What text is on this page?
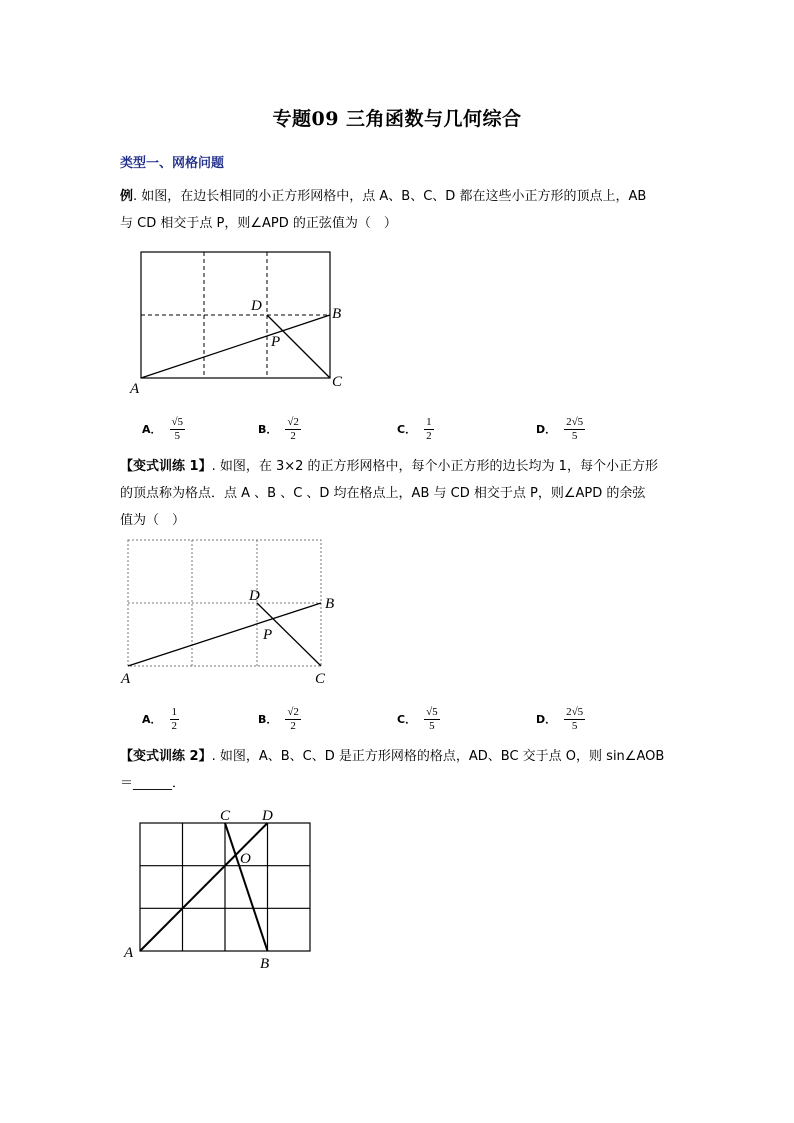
专题09 三角函数与几何综合
类型一、网格问题
例. 如图，在边长相同的小正方形网格中，点 A、B、C、D 都在这些小正方形的顶点上，AB
与 CD 相交于点 P，则∠APD 的正弦值为（　）
A
B
C
D
P
A． $\frac{√5}{5}$	B． $\frac{√2}{2}$	C． $\frac{1}{2}$	D． $\frac{2√5}{5}$
【变式训练 1】. 如图，在 3×2 的正方形网格中，每个小正方形的边长均为 1，每个小正方形
的顶点称为格点．点 A 、B 、C 、D 均在格点上，AB 与 CD 相交于点 P，则∠APD 的余弦
值为（　）
A
B
C
D
P
A． $\frac{1}{2}$	B． $\frac{√2}{2}$	C． $\frac{√5}{5}$	D． $\frac{2√5}{5}$
【变式训练 2】. 如图，A、B、C、D 是正方形网格的格点，AD、BC 交于点 O，则 sin∠AOB
＝______．
A
B
C D
O
